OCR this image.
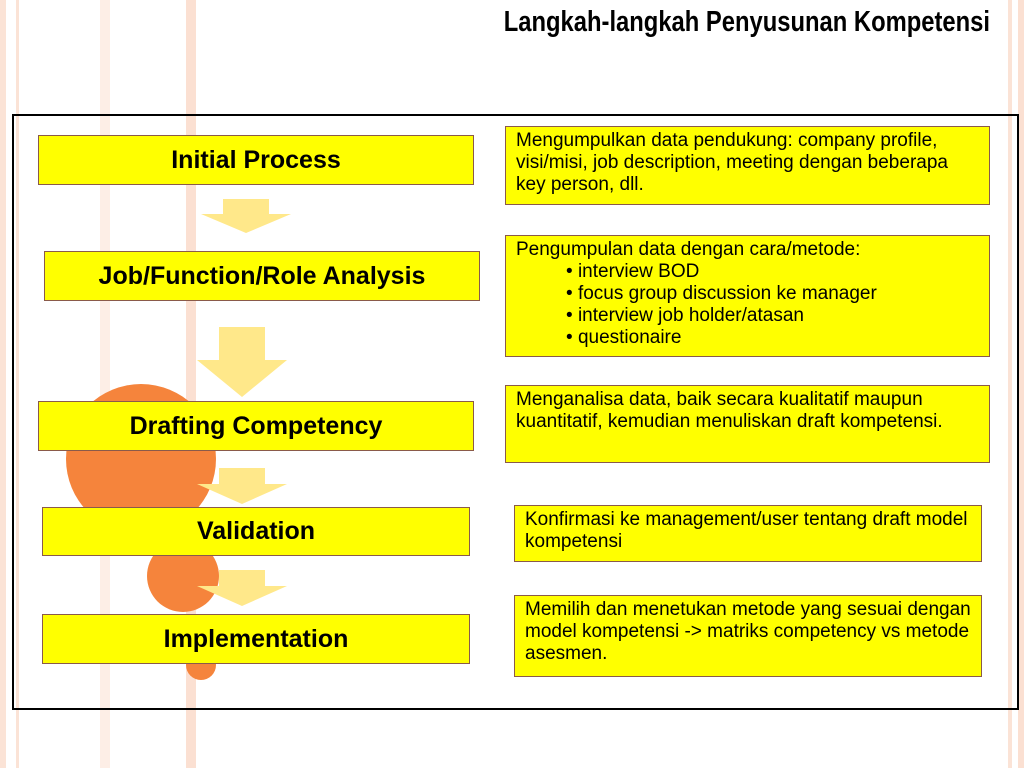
Langkah-langkah Penyusunan Kompetensi
Initial Process
Job/Function/Role Analysis
Drafting Competency
Validation
Implementation
Mengumpulkan data pendukung: company profile, visi/misi, job description, meeting dengan beberapa key person, dll.
Pengumpulan data dengan cara/metode:
• interview BOD
• focus group discussion ke manager
• interview job holder/atasan
• questionaire
Menganalisa data, baik secara kualitatif maupun kuantitatif, kemudian menuliskan draft kompetensi.
Konfirmasi ke management/user tentang draft model kompetensi
Memilih dan menetukan metode yang sesuai dengan model kompetensi -> matriks competency vs metode asesmen.
